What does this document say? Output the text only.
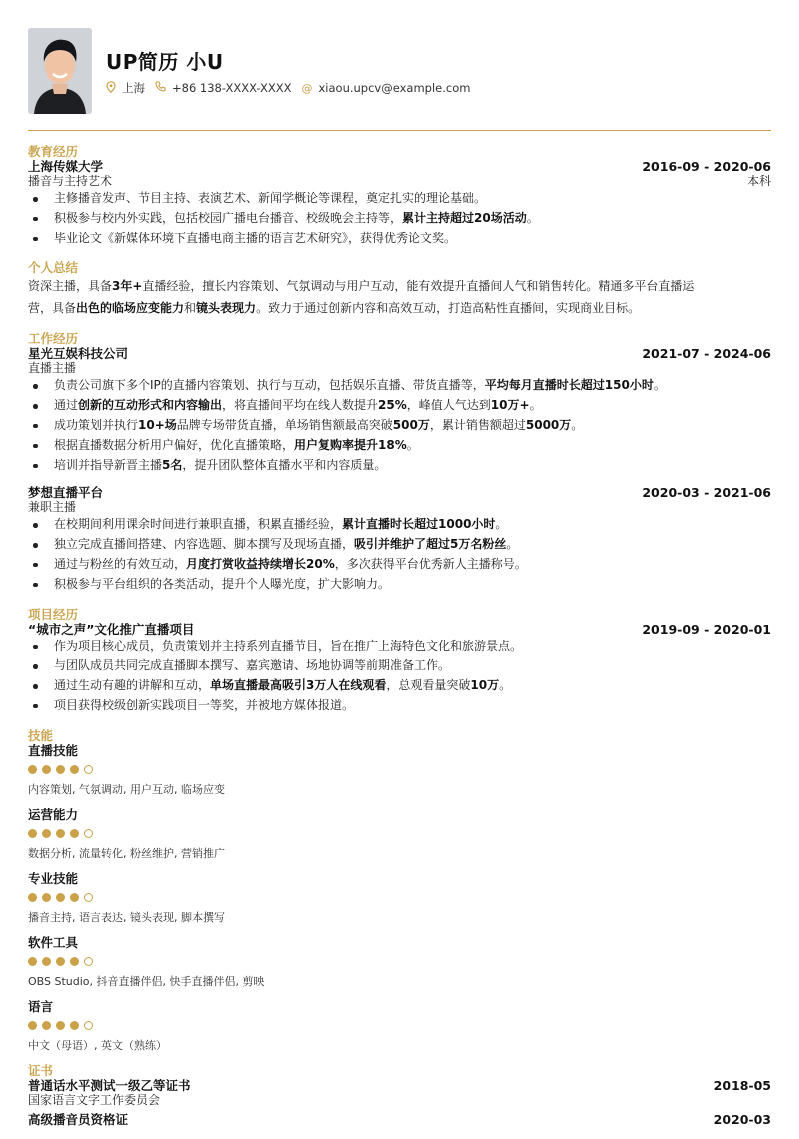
UP简历 小U
上海 +86 138-XXXX-XXXX @ xiaou.upcv@example.com
教育经历
上海传媒大学	2016-09 - 2020-06
播音与主持艺术	本科
主修播音发声、节目主持、表演艺术、新闻学概论等课程，奠定扎实的理论基础。
积极参与校内外实践，包括校园广播电台播音、校级晚会主持等，累计主持超过20场活动。
毕业论文《新媒体环境下直播电商主播的语言艺术研究》，获得优秀论文奖。
个人总结
资深主播，具备3年+直播经验，擅长内容策划、气氛调动与用户互动，能有效提升直播间人气和销售转化。精通多平台直播运
营，具备出色的临场应变能力和镜头表现力。致力于通过创新内容和高效互动，打造高粘性直播间，实现商业目标。
工作经历
星光互娱科技公司	2021-07 - 2024-06
直播主播
负责公司旗下多个IP的直播内容策划、执行与互动，包括娱乐直播、带货直播等，平均每月直播时长超过150小时。
通过创新的互动形式和内容输出，将直播间平均在线人数提升25%，峰值人气达到10万+。
成功策划并执行10+场品牌专场带货直播，单场销售额最高突破500万，累计销售额超过5000万。
根据直播数据分析用户偏好，优化直播策略，用户复购率提升18%。
培训并指导新晋主播5名，提升团队整体直播水平和内容质量。
梦想直播平台	2020-03 - 2021-06
兼职主播
在校期间利用课余时间进行兼职直播，积累直播经验，累计直播时长超过1000小时。
独立完成直播间搭建、内容选题、脚本撰写及现场直播，吸引并维护了超过5万名粉丝。
通过与粉丝的有效互动，月度打赏收益持续增长20%，多次获得平台优秀新人主播称号。
积极参与平台组织的各类活动，提升个人曝光度，扩大影响力。
项目经历
“城市之声”文化推广直播项目	2019-09 - 2020-01
作为项目核心成员，负责策划并主持系列直播节目，旨在推广上海特色文化和旅游景点。
与团队成员共同完成直播脚本撰写、嘉宾邀请、场地协调等前期准备工作。
通过生动有趣的讲解和互动，单场直播最高吸引3万人在线观看，总观看量突破10万。
项目获得校级创新实践项目一等奖，并被地方媒体报道。
技能
直播技能
内容策划, 气氛调动, 用户互动, 临场应变
运营能力
数据分析, 流量转化, 粉丝维护, 营销推广
专业技能
播音主持, 语言表达, 镜头表现, 脚本撰写
软件工具
OBS Studio, 抖音直播伴侣, 快手直播伴侣, 剪映
语言
中文（母语）, 英文（熟练）
证书
普通话水平测试一级乙等证书	2018-05
国家语言文字工作委员会
高级播音员资格证	2020-03
